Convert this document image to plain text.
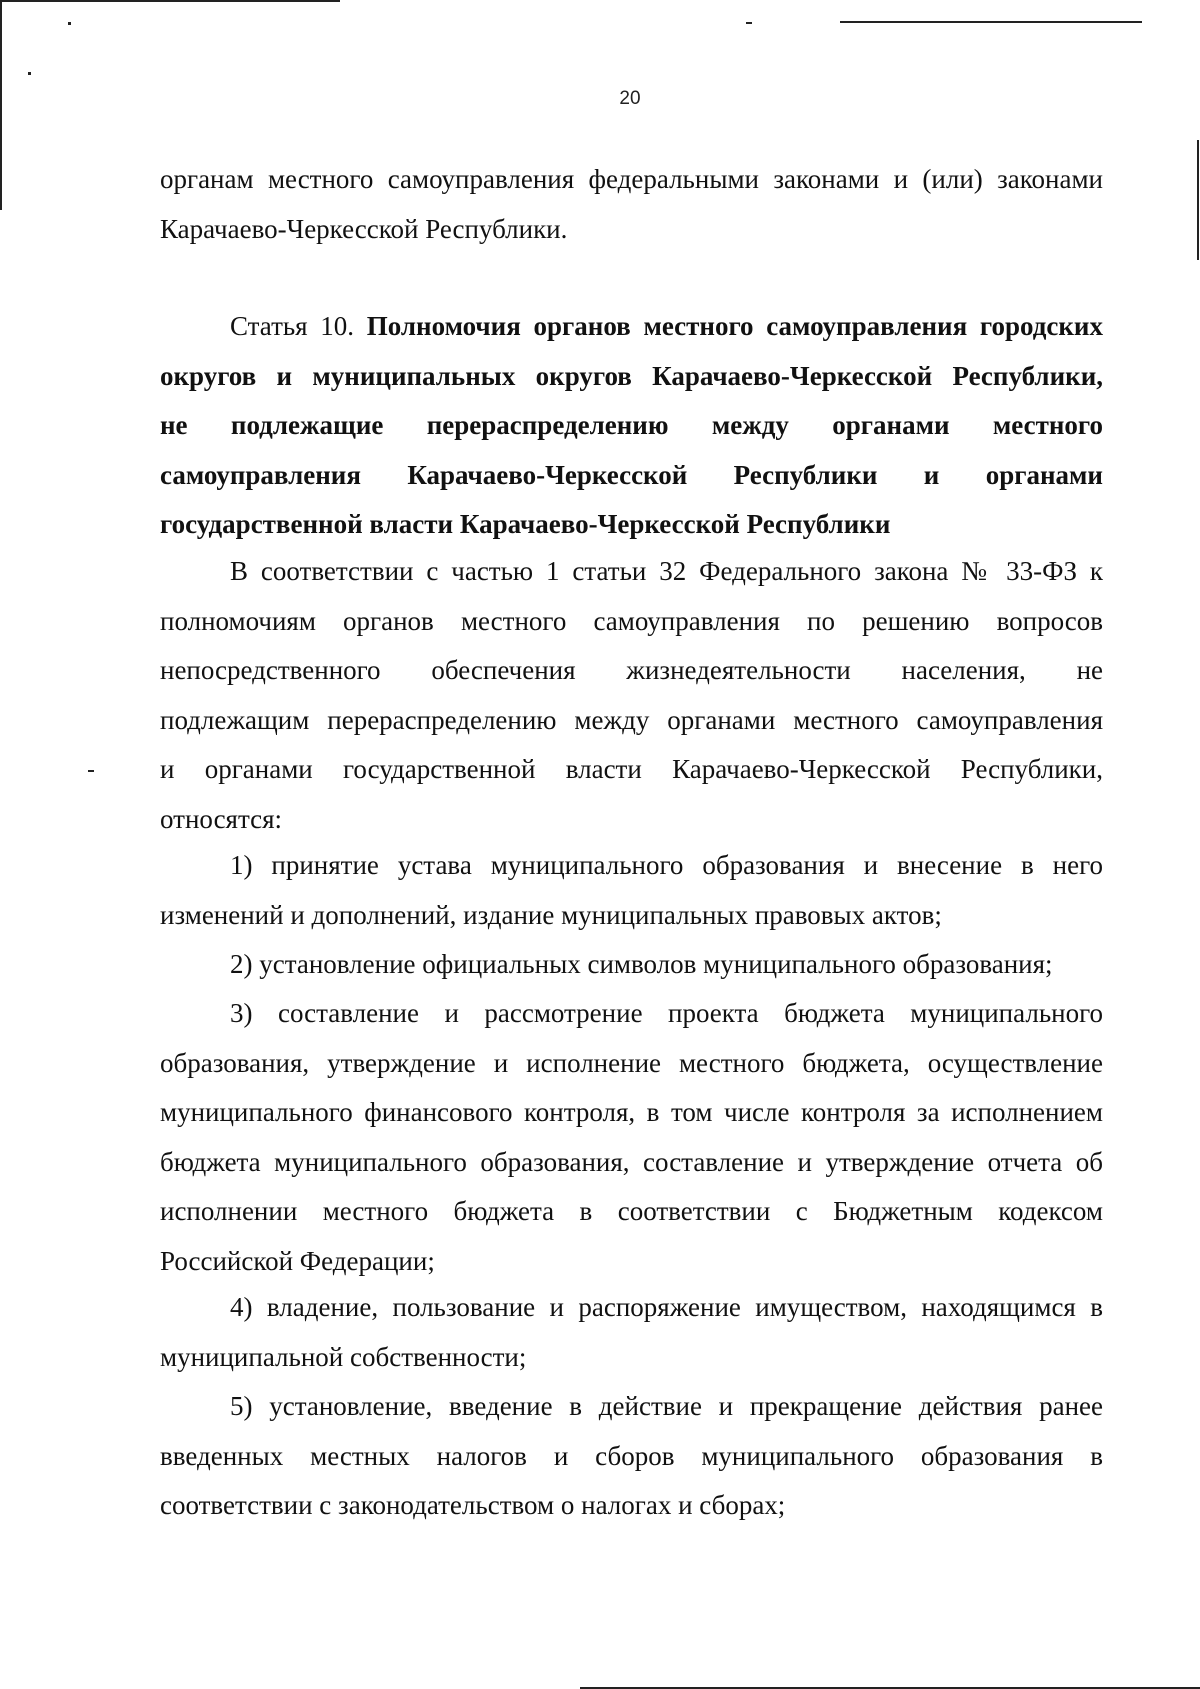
20
органам местного самоуправления федеральными законами и (или) законами
Карачаево-Черкесской Республики.
Статья 10. Полномочия органов местного самоуправления городских
округов и муниципальных округов Карачаево-Черкесской Республики,
не подлежащие перераспределению между органами местного
самоуправления Карачаево-Черкесской Республики и органами
государственной власти Карачаево-Черкесской Республики
В соответствии с частью 1 статьи 32 Федерального закона № 33-ФЗ к
полномочиям органов местного самоуправления по решению вопросов
непосредственного обеспечения жизнедеятельности населения, не
подлежащим перераспределению между органами местного самоуправления
и органами государственной власти Карачаево-Черкесской Республики,
относятся:
1) принятие устава муниципального образования и внесение в него
изменений и дополнений, издание муниципальных правовых актов;
2) установление официальных символов муниципального образования;
3) составление и рассмотрение проекта бюджета муниципального
образования, утверждение и исполнение местного бюджета, осуществление
муниципального финансового контроля, в том числе контроля за исполнением
бюджета муниципального образования, составление и утверждение отчета об
исполнении местного бюджета в соответствии с Бюджетным кодексом
Российской Федерации;
4) владение, пользование и распоряжение имуществом, находящимся в
муниципальной собственности;
5) установление, введение в действие и прекращение действия ранее
введенных местных налогов и сборов муниципального образования в
соответствии с законодательством о налогах и сборах;
